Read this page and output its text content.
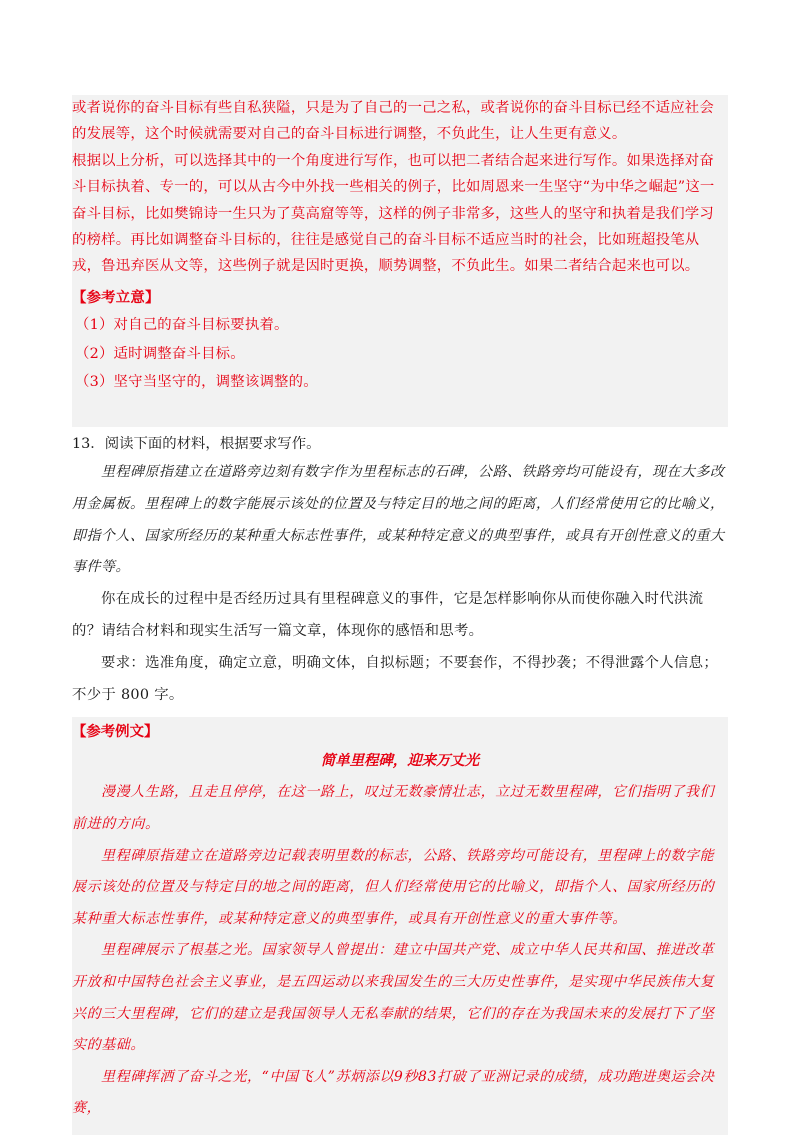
或者说你的奋斗目标有些自私狭隘，只是为了自己的一己之私，或者说你的奋斗目标已经不适应社会的发展等，这个时候就需要对自己的奋斗目标进行调整，不负此生，让人生更有意义。

根据以上分析，可以选择其中的一个角度进行写作，也可以把二者结合起来进行写作。如果选择对奋斗目标执着、专一的，可以从古今中外找一些相关的例子，比如周恩来一生坚守“为中华之崛起”这一奋斗目标，比如樊锦诗一生只为了莫高窟等等，这样的例子非常多，这些人的坚守和执着是我们学习的榜样。再比如调整奋斗目标的，往往是感觉自己的奋斗目标不适应当时的社会，比如班超投笔从戎，鲁迅弃医从文等，这些例子就是因时更换，顺势调整，不负此生。如果二者结合起来也可以。

【参考立意】

（1）对自己的奋斗目标要执着。

（2）适时调整奋斗目标。

（3）坚守当坚守的，调整该调整的。

13．阅读下面的材料，根据要求写作。

里程碑原指建立在道路旁边刻有数字作为里程标志的石碑，公路、铁路旁均可能设有，现在大多改用金属板。里程碑上的数字能展示该处的位置及与特定目的地之间的距离，人们经常使用它的比喻义，即指个人、国家所经历的某种重大标志性事件，或某种特定意义的典型事件，或具有开创性意义的重大事件等。

你在成长的过程中是否经历过具有里程碑意义的事件，它是怎样影响你从而使你融入时代洪流的？请结合材料和现实生活写一篇文章，体现你的感悟和思考。

要求：选准角度，确定立意，明确文体，自拟标题；不要套作，不得抄袭；不得泄露个人信息；不少于 800 字。

【参考例文】

简单里程碑，迎来万丈光

漫漫人生路，且走且停停，在这一路上，叹过无数豪情壮志，立过无数里程碑，它们指明了我们前进的方向。

里程碑原指建立在道路旁边记载表明里数的标志，公路、铁路旁均可能设有，里程碑上的数字能展示该处的位置及与特定目的地之间的距离，但人们经常使用它的比喻义，即指个人、国家所经历的某种重大标志性事件，或某种特定意义的典型事件，或具有开创性意义的重大事件等。

里程碑展示了根基之光。国家领导人曾提出：建立中国共产党、成立中华人民共和国、推进改革开放和中国特色社会主义事业，是五四运动以来我国发生的三大历史性事件，是实现中华民族伟大复兴的三大里程碑，它们的建立是我国领导人无私奉献的结果，它们的存在为我国未来的发展打下了坚实的基础。

里程碑挥洒了奋斗之光，“中国飞人”苏炳添以9秒83打破了亚洲记录的成绩，成功跑进奥运会决赛，
